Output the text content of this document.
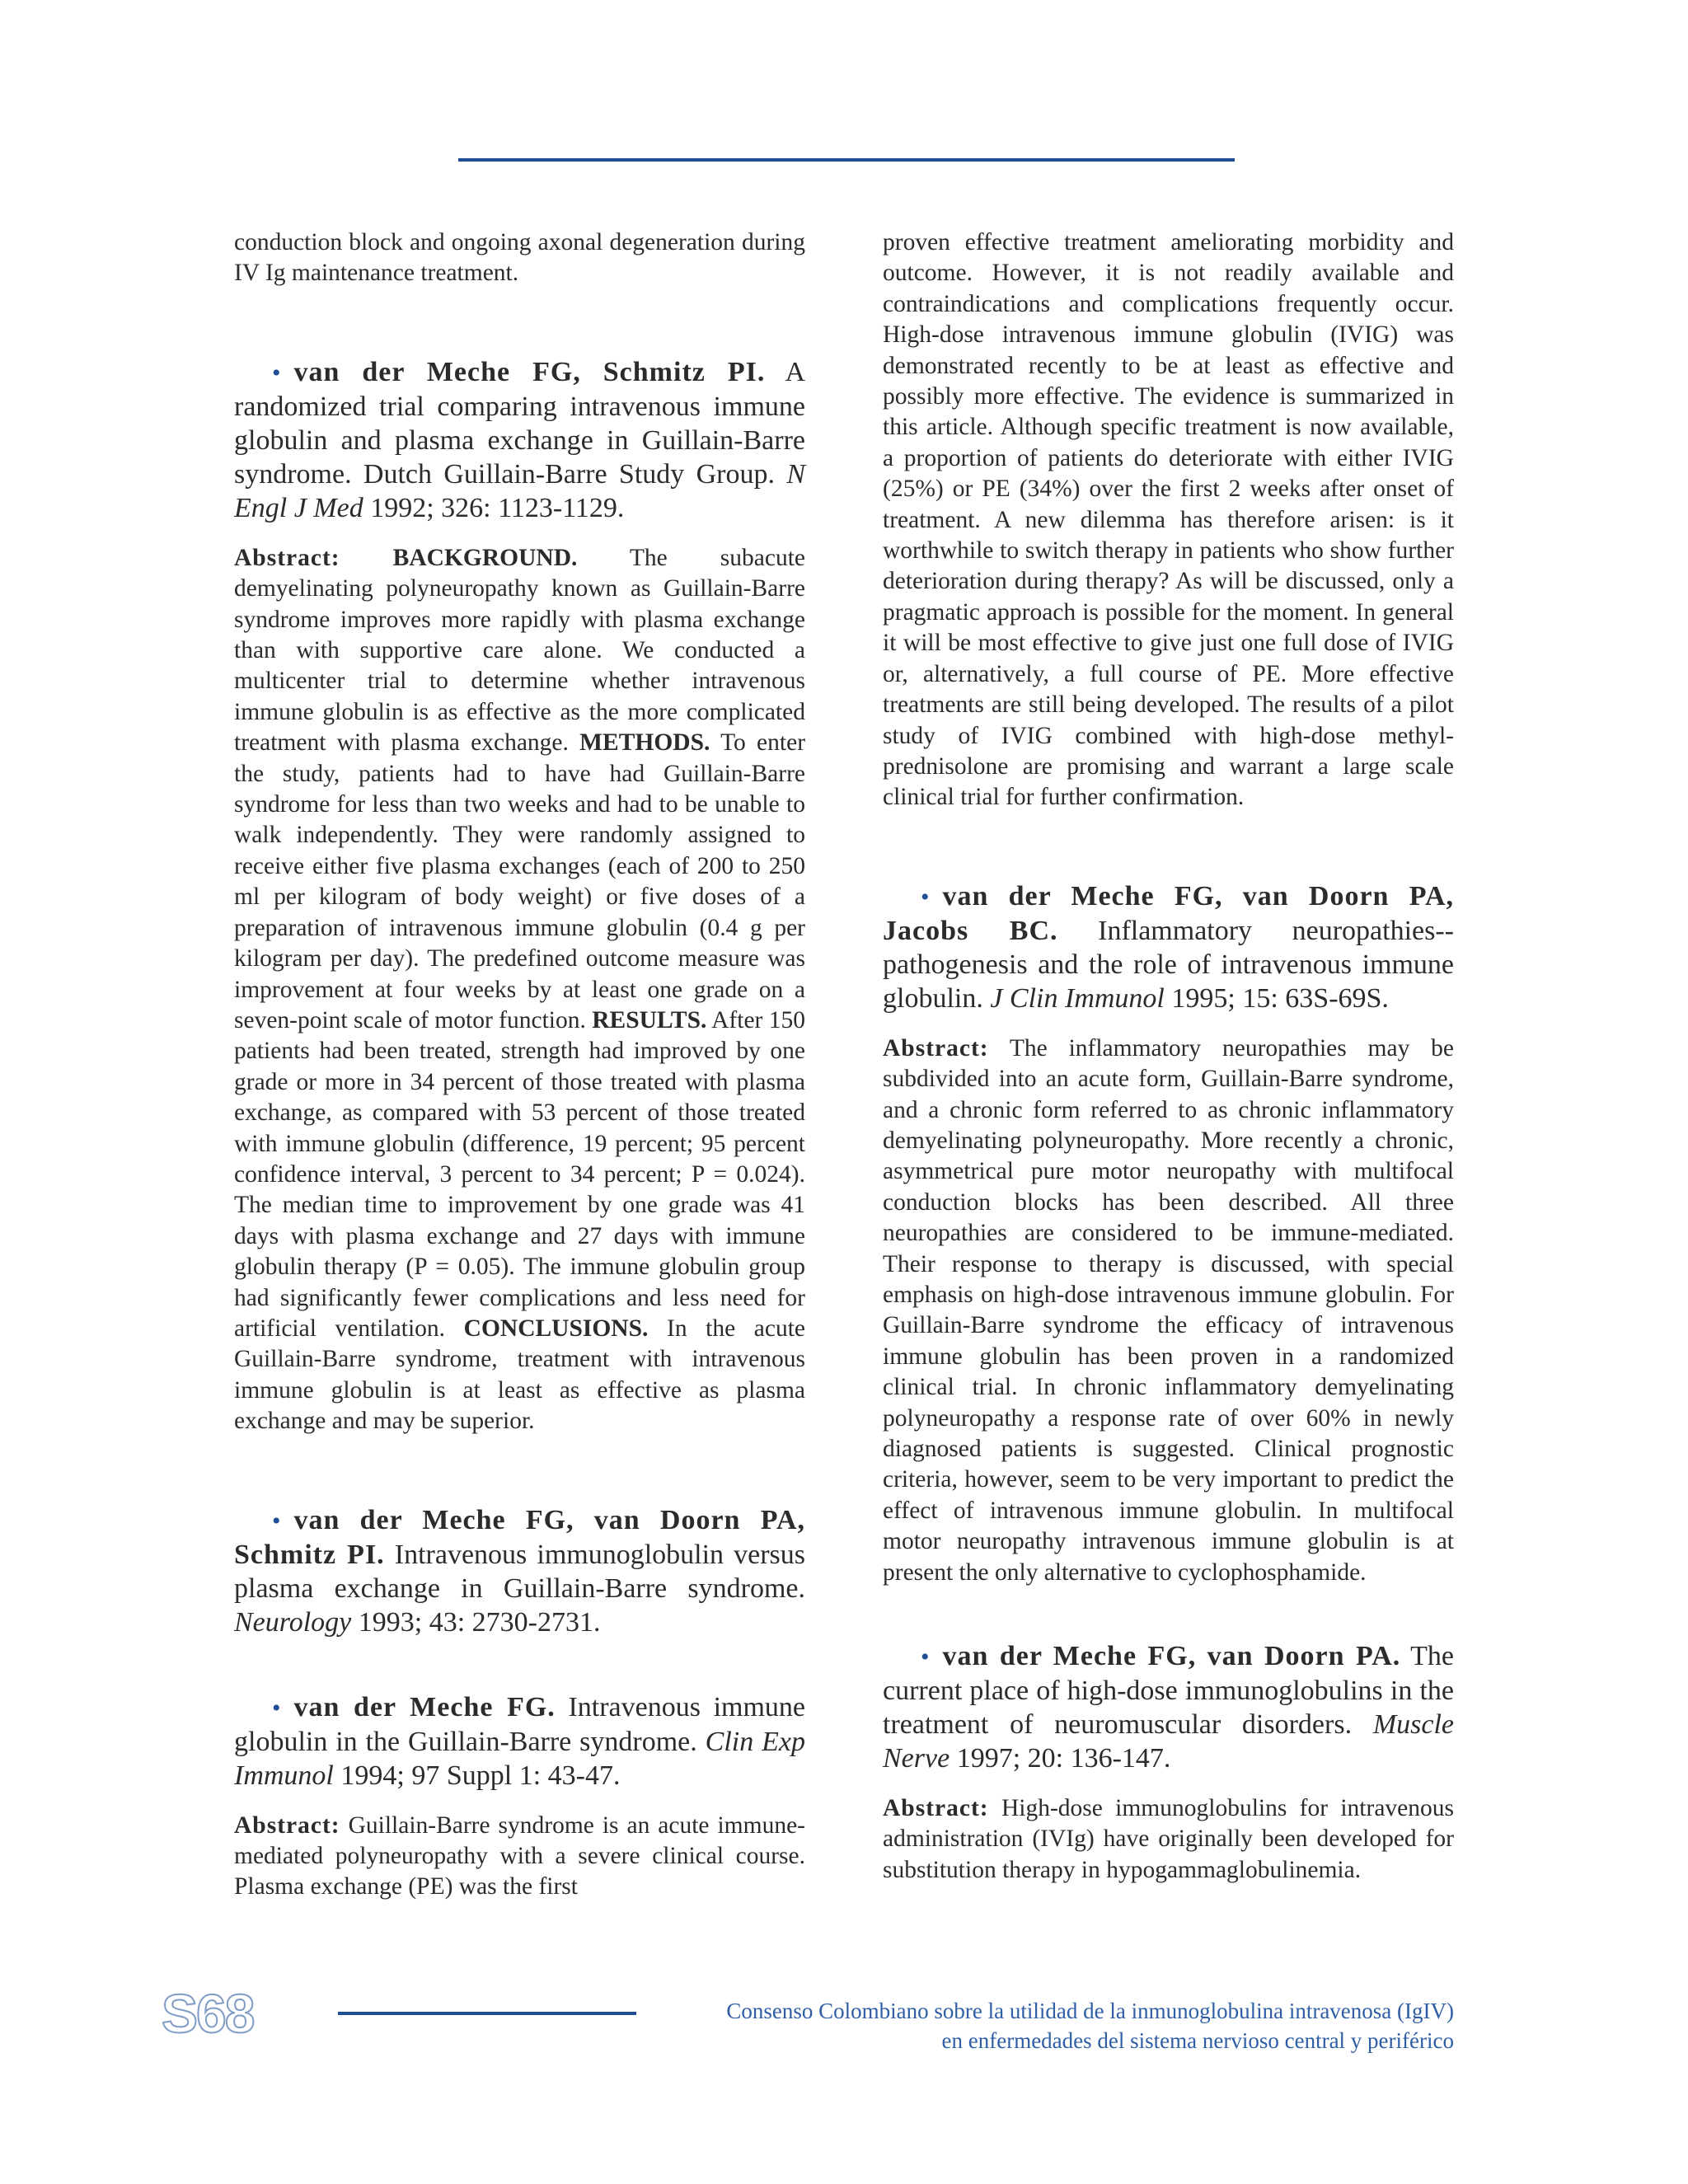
conduction block and ongoing axonal degeneration during IV Ig maintenance treatment.

• van der Meche FG, Schmitz PI. A randomized trial comparing intravenous immune globulin and plasma exchange in Guillain-Barre syndrome. Dutch Guillain-Barre Study Group. N Engl J Med 1992; 326: 1123-1129.

Abstract: BACKGROUND. The subacute demyelinating polyneuropathy known as Guillain-Barre syndrome improves more rapidly with plasma exchange than with supportive care alone. We conducted a multicenter trial to determine whether intravenous immune globulin is as effective as the more complicated treatment with plasma exchange. METHODS. To enter the study, patients had to have had Guillain-Barre syndrome for less than two weeks and had to be unable to walk independently. They were randomly assigned to receive either five plasma exchanges (each of 200 to 250 ml per kilogram of body weight) or five doses of a preparation of intravenous immune globulin (0.4 g per kilogram per day). The predefined outcome measure was improvement at four weeks by at least one grade on a seven-point scale of motor function. RESULTS. After 150 patients had been treated, strength had improved by one grade or more in 34 percent of those treated with plasma exchange, as compared with 53 percent of those treated with immune globulin (difference, 19 percent; 95 percent confidence interval, 3 percent to 34 percent; P = 0.024). The median time to improvement by one grade was 41 days with plasma exchange and 27 days with immune globulin therapy (P = 0.05). The immune globulin group had significantly fewer complications and less need for artificial ventilation. CONCLUSIONS. In the acute Guillain-Barre syndrome, treatment with intravenous immune globulin is at least as effective as plasma exchange and may be superior.

• van der Meche FG, van Doorn PA, Schmitz PI. Intravenous immunoglobulin versus plasma exchange in Guillain-Barre syndrome. Neurology 1993; 43: 2730-2731.

• van der Meche FG. Intravenous immune globulin in the Guillain-Barre syndrome. Clin Exp Immunol 1994; 97 Suppl 1: 43-47.

Abstract: Guillain-Barre syndrome is an acute immune-mediated polyneuropathy with a severe clinical course. Plasma exchange (PE) was the first

proven effective treatment ameliorating morbidity and outcome. However, it is not readily available and contraindications and complications frequently occur. High-dose intravenous immune globulin (IVIG) was demonstrated recently to be at least as effective and possibly more effective. The evidence is summarized in this article. Although specific treatment is now available, a proportion of patients do deteriorate with either IVIG (25%) or PE (34%) over the first 2 weeks after onset of treatment. A new dilemma has therefore arisen: is it worthwhile to switch therapy in patients who show further deterioration during therapy? As will be discussed, only a pragmatic approach is possible for the moment. In general it will be most effective to give just one full dose of IVIG or, alternatively, a full course of PE. More effective treatments are still being developed. The results of a pilot study of IVIG combined with high-dose methyl-prednisolone are promising and warrant a large scale clinical trial for further confirmation.

• van der Meche FG, van Doorn PA, Jacobs BC. Inflammatory neuropathies--pathogenesis and the role of intravenous immune globulin. J Clin Immunol 1995; 15: 63S-69S.

Abstract: The inflammatory neuropathies may be subdivided into an acute form, Guillain-Barre syndrome, and a chronic form referred to as chronic inflammatory demyelinating polyneuropathy. More recently a chronic, asymmetrical pure motor neuropathy with multifocal conduction blocks has been described. All three neuropathies are considered to be immune-mediated. Their response to therapy is discussed, with special emphasis on high-dose intravenous immune globulin. For Guillain-Barre syndrome the efficacy of intravenous immune globulin has been proven in a randomized clinical trial. In chronic inflammatory demyelinating polyneuropathy a response rate of over 60% in newly diagnosed patients is suggested. Clinical prognostic criteria, however, seem to be very important to predict the effect of intravenous immune globulin. In multifocal motor neuropathy intravenous immune globulin is at present the only alternative to cyclophosphamide.

• van der Meche FG, van Doorn PA. The current place of high-dose immunoglobulins in the treatment of neuromuscular disorders. Muscle Nerve 1997; 20: 136-147.

Abstract: High-dose immunoglobulins for intravenous administration (IVIg) have originally been developed for substitution therapy in hypogammaglobulinemia.

S68	Consenso Colombiano sobre la utilidad de la inmunoglobulina intravenosa (IgIV)
en enfermedades del sistema nervioso central y periférico
